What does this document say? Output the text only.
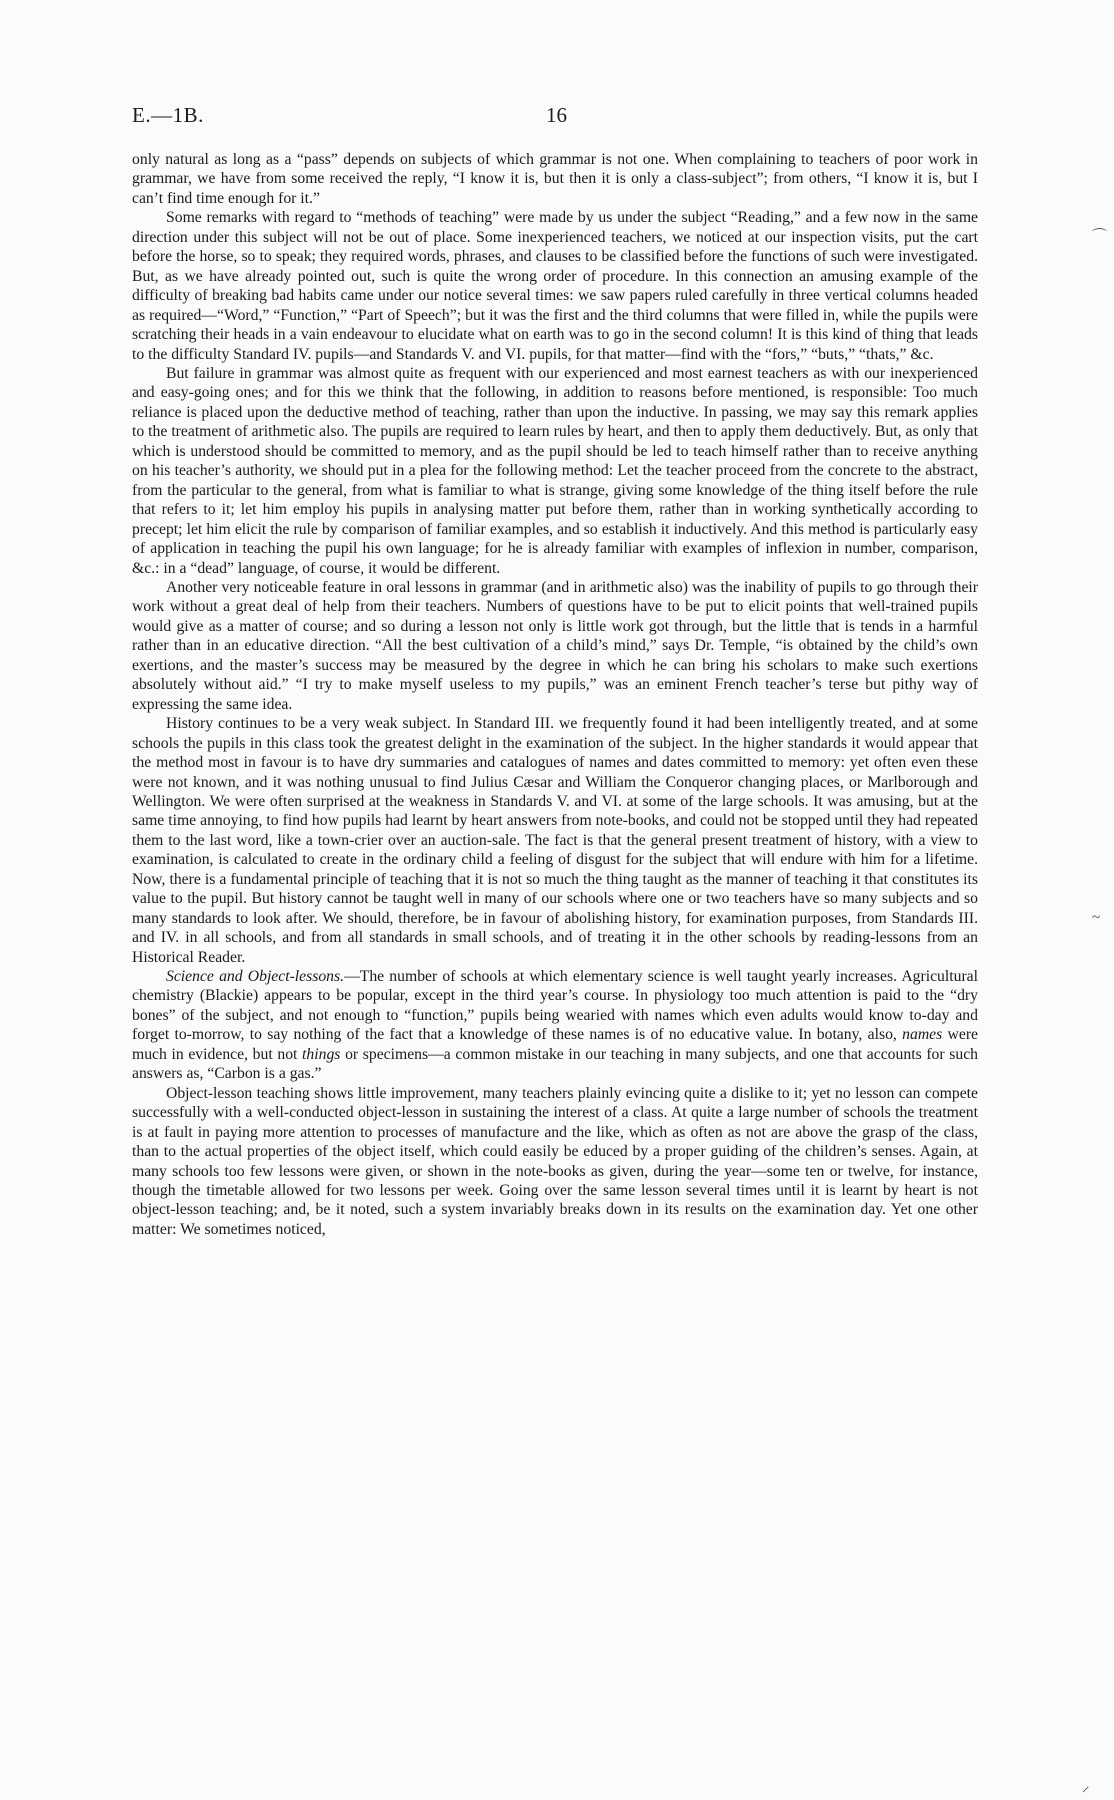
E.—1B.	16
⌒
~
⸝

only natural as long as a “pass” depends on subjects of which grammar is not one. When complaining to teachers of poor work in grammar, we have from some received the reply, “I know it is, but then it is only a class-subject”; from others, “I know it is, but I can’t find time enough for it.”

Some remarks with regard to “methods of teaching” were made by us under the subject “Reading,” and a few now in the same direction under this subject will not be out of place. Some inexperienced teachers, we noticed at our inspection visits, put the cart before the horse, so to speak; they required words, phrases, and clauses to be classified before the functions of such were investigated. But, as we have already pointed out, such is quite the wrong order of procedure. In this connection an amusing example of the difficulty of breaking bad habits came under our notice several times: we saw papers ruled carefully in three vertical columns headed as required—“Word,” “Function,” “Part of Speech”; but it was the first and the third columns that were filled in, while the pupils were scratching their heads in a vain endeavour to elucidate what on earth was to go in the second column! It is this kind of thing that leads to the difficulty Standard IV. pupils—and Standards V. and VI. pupils, for that matter—find with the “fors,” “buts,” “thats,” &c.

But failure in grammar was almost quite as frequent with our experienced and most earnest teachers as with our inexperienced and easy-going ones; and for this we think that the following, in addition to reasons before mentioned, is responsible: Too much reliance is placed upon the deductive method of teaching, rather than upon the inductive. In passing, we may say this remark applies to the treatment of arithmetic also. The pupils are required to learn rules by heart, and then to apply them deductively. But, as only that which is understood should be committed to memory, and as the pupil should be led to teach himself rather than to receive anything on his teacher’s authority, we should put in a plea for the following method: Let the teacher proceed from the concrete to the abstract, from the particular to the general, from what is familiar to what is strange, giving some knowledge of the thing itself before the rule that refers to it; let him employ his pupils in analysing matter put before them, rather than in working synthetically according to precept; let him elicit the rule by comparison of familiar examples, and so establish it inductively. And this method is particularly easy of application in teaching the pupil his own language; for he is already familiar with examples of inflexion in number, comparison, &c.: in a “dead” language, of course, it would be different.

Another very noticeable feature in oral lessons in grammar (and in arithmetic also) was the inability of pupils to go through their work without a great deal of help from their teachers. Numbers of questions have to be put to elicit points that well-trained pupils would give as a matter of course; and so during a lesson not only is little work got through, but the little that is tends in a harmful rather than in an educative direction. “All the best cultivation of a child’s mind,” says Dr. Temple, “is obtained by the child’s own exertions, and the master’s success may be measured by the degree in which he can bring his scholars to make such exertions absolutely without aid.” “I try to make myself useless to my pupils,” was an eminent French teacher’s terse but pithy way of expressing the same idea.

History continues to be a very weak subject. In Standard III. we frequently found it had been intelligently treated, and at some schools the pupils in this class took the greatest delight in the examination of the subject. In the higher standards it would appear that the method most in favour is to have dry summaries and catalogues of names and dates committed to memory: yet often even these were not known, and it was nothing unusual to find Julius Cæsar and William the Conqueror changing places, or Marlborough and Wellington. We were often surprised at the weakness in Standards V. and VI. at some of the large schools. It was amusing, but at the same time annoying, to find how pupils had learnt by heart answers from note-books, and could not be stopped until they had repeated them to the last word, like a town-crier over an auction-sale. The fact is that the general present treatment of history, with a view to examination, is calculated to create in the ordinary child a feeling of disgust for the subject that will endure with him for a lifetime. Now, there is a fundamental principle of teaching that it is not so much the thing taught as the manner of teaching it that constitutes its value to the pupil. But history cannot be taught well in many of our schools where one or two teachers have so many subjects and so many standards to look after. We should, therefore, be in favour of abolishing history, for examination purposes, from Standards III. and IV. in all schools, and from all standards in small schools, and of treating it in the other schools by reading-lessons from an Historical Reader.

Science and Object-lessons.—The number of schools at which elementary science is well taught yearly increases. Agricultural chemistry (Blackie) appears to be popular, except in the third year’s course. In physiology too much attention is paid to the “dry bones” of the subject, and not enough to “function,” pupils being wearied with names which even adults would know to-day and forget to-morrow, to say nothing of the fact that a knowledge of these names is of no educative value. In botany, also, names were much in evidence, but not things or specimens—a common mistake in our teaching in many subjects, and one that accounts for such answers as, “Carbon is a gas.”

Object-lesson teaching shows little improvement, many teachers plainly evincing quite a dislike to it; yet no lesson can compete successfully with a well-conducted object-lesson in sustaining the interest of a class. At quite a large number of schools the treatment is at fault in paying more attention to processes of manufacture and the like, which as often as not are above the grasp of the class, than to the actual properties of the object itself, which could easily be educed by a proper guiding of the children’s senses. Again, at many schools too few lessons were given, or shown in the note-books as given, during the year—some ten or twelve, for instance, though the timetable allowed for two lessons per week. Going over the same lesson several times until it is learnt by heart is not object-lesson teaching; and, be it noted, such a system invariably breaks down in its results on the examination day. Yet one other matter: We sometimes noticed,
